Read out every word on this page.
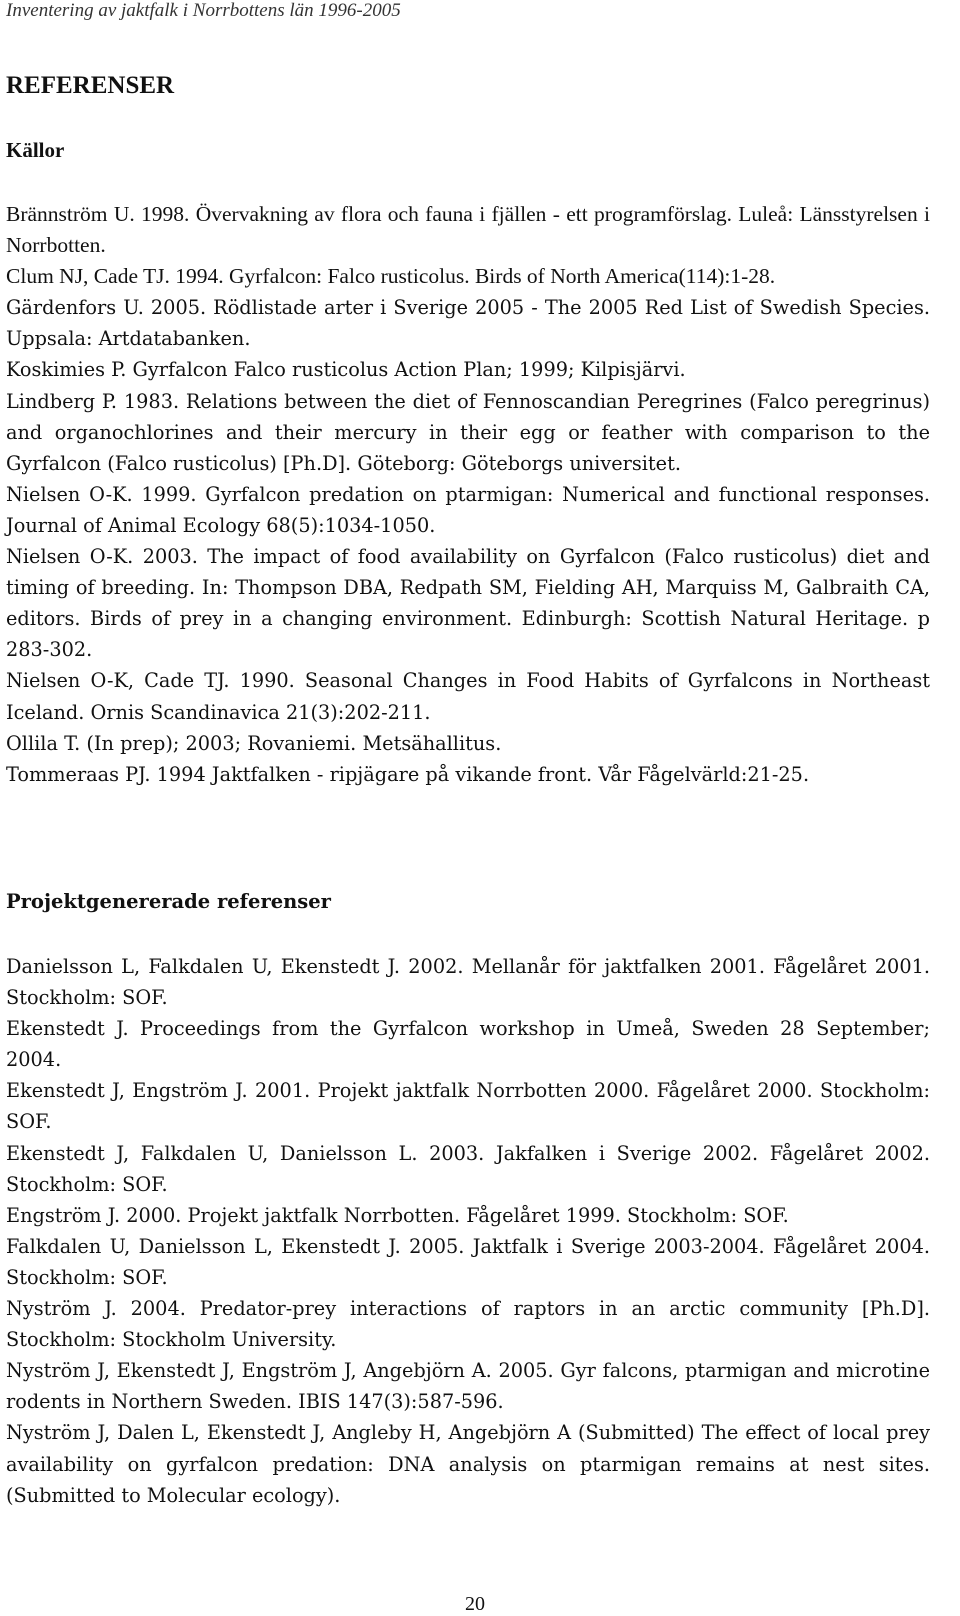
Inventering av jaktfalk i Norrbottens län 1996-2005
REFERENSER
Källor
Brännström U. 1998. Övervakning av flora och fauna i fjällen - ett programförslag. Luleå: Länsstyrelsen i Norrbotten.
Clum NJ, Cade TJ. 1994. Gyrfalcon: Falco rusticolus. Birds of North America(114):1-28.
Gärdenfors U. 2005. Rödlistade arter i Sverige 2005 - The 2005 Red List of Swedish Species. Uppsala: Artdatabanken.
Koskimies P. Gyrfalcon Falco rusticolus Action Plan; 1999; Kilpisjärvi.
Lindberg P. 1983. Relations between the diet of Fennoscandian Peregrines (Falco peregrinus) and organochlorines and their mercury in their egg or feather with comparison to the Gyrfalcon (Falco rusticolus) [Ph.D]. Göteborg: Göteborgs universitet.
Nielsen O-K. 1999. Gyrfalcon predation on ptarmigan: Numerical and functional responses. Journal of Animal Ecology 68(5):1034-1050.
Nielsen O-K. 2003. The impact of food availability on Gyrfalcon (Falco rusticolus) diet and timing of breeding. In: Thompson DBA, Redpath SM, Fielding AH, Marquiss M, Galbraith CA, editors. Birds of prey in a changing environment. Edinburgh: Scottish Natural Heritage. p 283-302.
Nielsen O-K, Cade TJ. 1990. Seasonal Changes in Food Habits of Gyrfalcons in Northeast Iceland. Ornis Scandinavica 21(3):202-211.
Ollila T. (In prep); 2003; Rovaniemi. Metsähallitus.
Tommeraas PJ. 1994 Jaktfalken - ripjägare på vikande front. Vår Fågelvärld:21-25.
Projektgenererade referenser
Danielsson L, Falkdalen U, Ekenstedt J. 2002. Mellanår för jaktfalken 2001. Fågelåret 2001. Stockholm: SOF.
Ekenstedt J. Proceedings from the Gyrfalcon workshop in Umeå, Sweden 28 September; 2004.
Ekenstedt J, Engström J. 2001. Projekt jaktfalk Norrbotten 2000. Fågelåret 2000. Stockholm: SOF.
Ekenstedt J, Falkdalen U, Danielsson L. 2003. Jakfalken i Sverige 2002. Fågelåret 2002. Stockholm: SOF.
Engström J. 2000. Projekt jaktfalk Norrbotten. Fågelåret 1999. Stockholm: SOF.
Falkdalen U, Danielsson L, Ekenstedt J. 2005. Jaktfalk i Sverige 2003-2004. Fågelåret 2004. Stockholm: SOF.
Nyström J. 2004. Predator-prey interactions of raptors in an arctic community [Ph.D]. Stockholm: Stockholm University.
Nyström J, Ekenstedt J, Engström J, Angebjörn A. 2005. Gyr falcons, ptarmigan and microtine rodents in Northern Sweden. IBIS 147(3):587-596.
Nyström J, Dalen L, Ekenstedt J, Angleby H, Angebjörn A (Submitted) The effect of local prey availability on gyrfalcon predation: DNA analysis on ptarmigan remains at nest sites. (Submitted to Molecular ecology).
20
